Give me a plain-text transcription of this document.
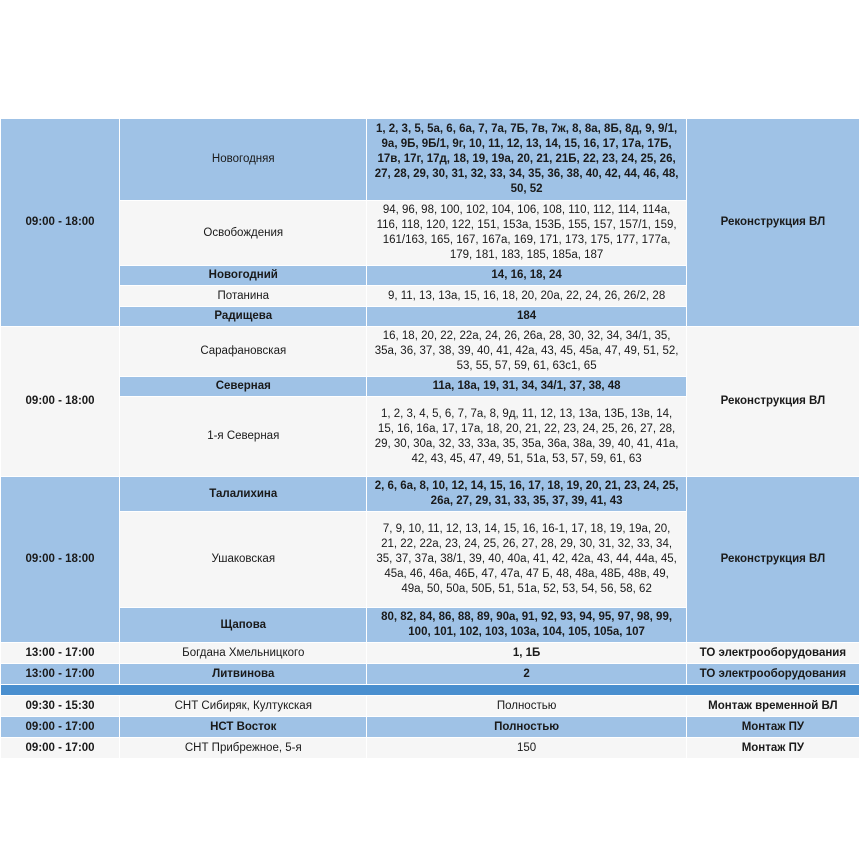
09:00 - 18:00	Новогодняя	1, 2, 3, 5, 5а, 6, 6а, 7, 7а, 7Б, 7в, 7ж, 8, 8а, 8Б, 8д, 9, 9/1, 9а, 9Б, 9Б/1, 9г, 10, 11, 12, 13, 14, 15, 16, 17, 17а, 17Б, 17в, 17г, 17д, 18, 19, 19а, 20, 21, 21Б, 22, 23, 24, 25, 26, 27, 28, 29, 30, 31, 32, 33, 34, 35, 36, 38, 40, 42, 44, 46, 48, 50, 52	Реконструкция ВЛ
	Освобождения	94, 96, 98, 100, 102, 104, 106, 108, 110, 112, 114, 114а, 116, 118, 120, 122, 151, 153а, 153Б, 155, 157, 157/1, 159, 161/163, 165, 167, 167а, 169, 171, 173, 175, 177, 177а, 179, 181, 183, 185, 185а, 187	
	Новогодний	14, 16, 18, 24	
	Потанина	9, 11, 13, 13а, 15, 16, 18, 20, 20а, 22, 24, 26, 26/2, 28	
	Радищева	184	
09:00 - 18:00	Сарафановская	16, 18, 20, 22, 22а, 24, 26, 26а, 28, 30, 32, 34, 34/1, 35, 35а, 36, 37, 38, 39, 40, 41, 42а, 43, 45, 45а, 47, 49, 51, 52, 53, 55, 57, 59, 61, 63с1, 65	Реконструкция ВЛ
	Северная	11а, 18а, 19, 31, 34, 34/1, 37, 38, 48	
	1-я Северная	1, 2, 3, 4, 5, 6, 7, 7а, 8, 9д, 11, 12, 13, 13а, 13Б, 13в, 14, 15, 16, 16а, 17, 17а, 18, 20, 21, 22, 23, 24, 25, 26, 27, 28, 29, 30, 30а, 32, 33, 33а, 35, 35а, 36а, 38а, 39, 40, 41, 41а, 42, 43, 45, 47, 49, 51, 51а, 53, 57, 59, 61, 63	
09:00 - 18:00	Талалихина	2, 6, 6а, 8, 10, 12, 14, 15, 16, 17, 18, 19, 20, 21, 23, 24, 25, 26а, 27, 29, 31, 33, 35, 37, 39, 41, 43	Реконструкция ВЛ
	Ушаковская	7, 9, 10, 11, 12, 13, 14, 15, 16, 16-1, 17, 18, 19, 19а, 20, 21, 22, 22а, 23, 24, 25, 26, 27, 28, 29, 30, 31, 32, 33, 34, 35, 37, 37а, 38/1, 39, 40, 40а, 41, 42, 42а, 43, 44, 44а, 45, 45а, 46, 46а, 46Б, 47, 47а, 47 Б, 48, 48а, 48Б, 48в, 49, 49а, 50, 50а, 50Б, 51, 51а, 52, 53, 54, 56, 58, 62	
	Щапова	80, 82, 84, 86, 88, 89, 90а, 91, 92, 93, 94, 95, 97, 98, 99, 100, 101, 102, 103, 103а, 104, 105, 105а, 107	
13:00 - 17:00	Богдана Хмельницкого	1, 1Б	ТО электрооборудования
13:00 - 17:00	Литвинова	2	ТО электрооборудования

09:30 - 15:30	СНТ Сибиряк, Култукская	Полностью	Монтаж временной ВЛ
09:00 - 17:00	НСТ Восток	Полностью	Монтаж ПУ
09:00 - 17:00	СНТ Прибрежное, 5-я	150	Монтаж ПУ
